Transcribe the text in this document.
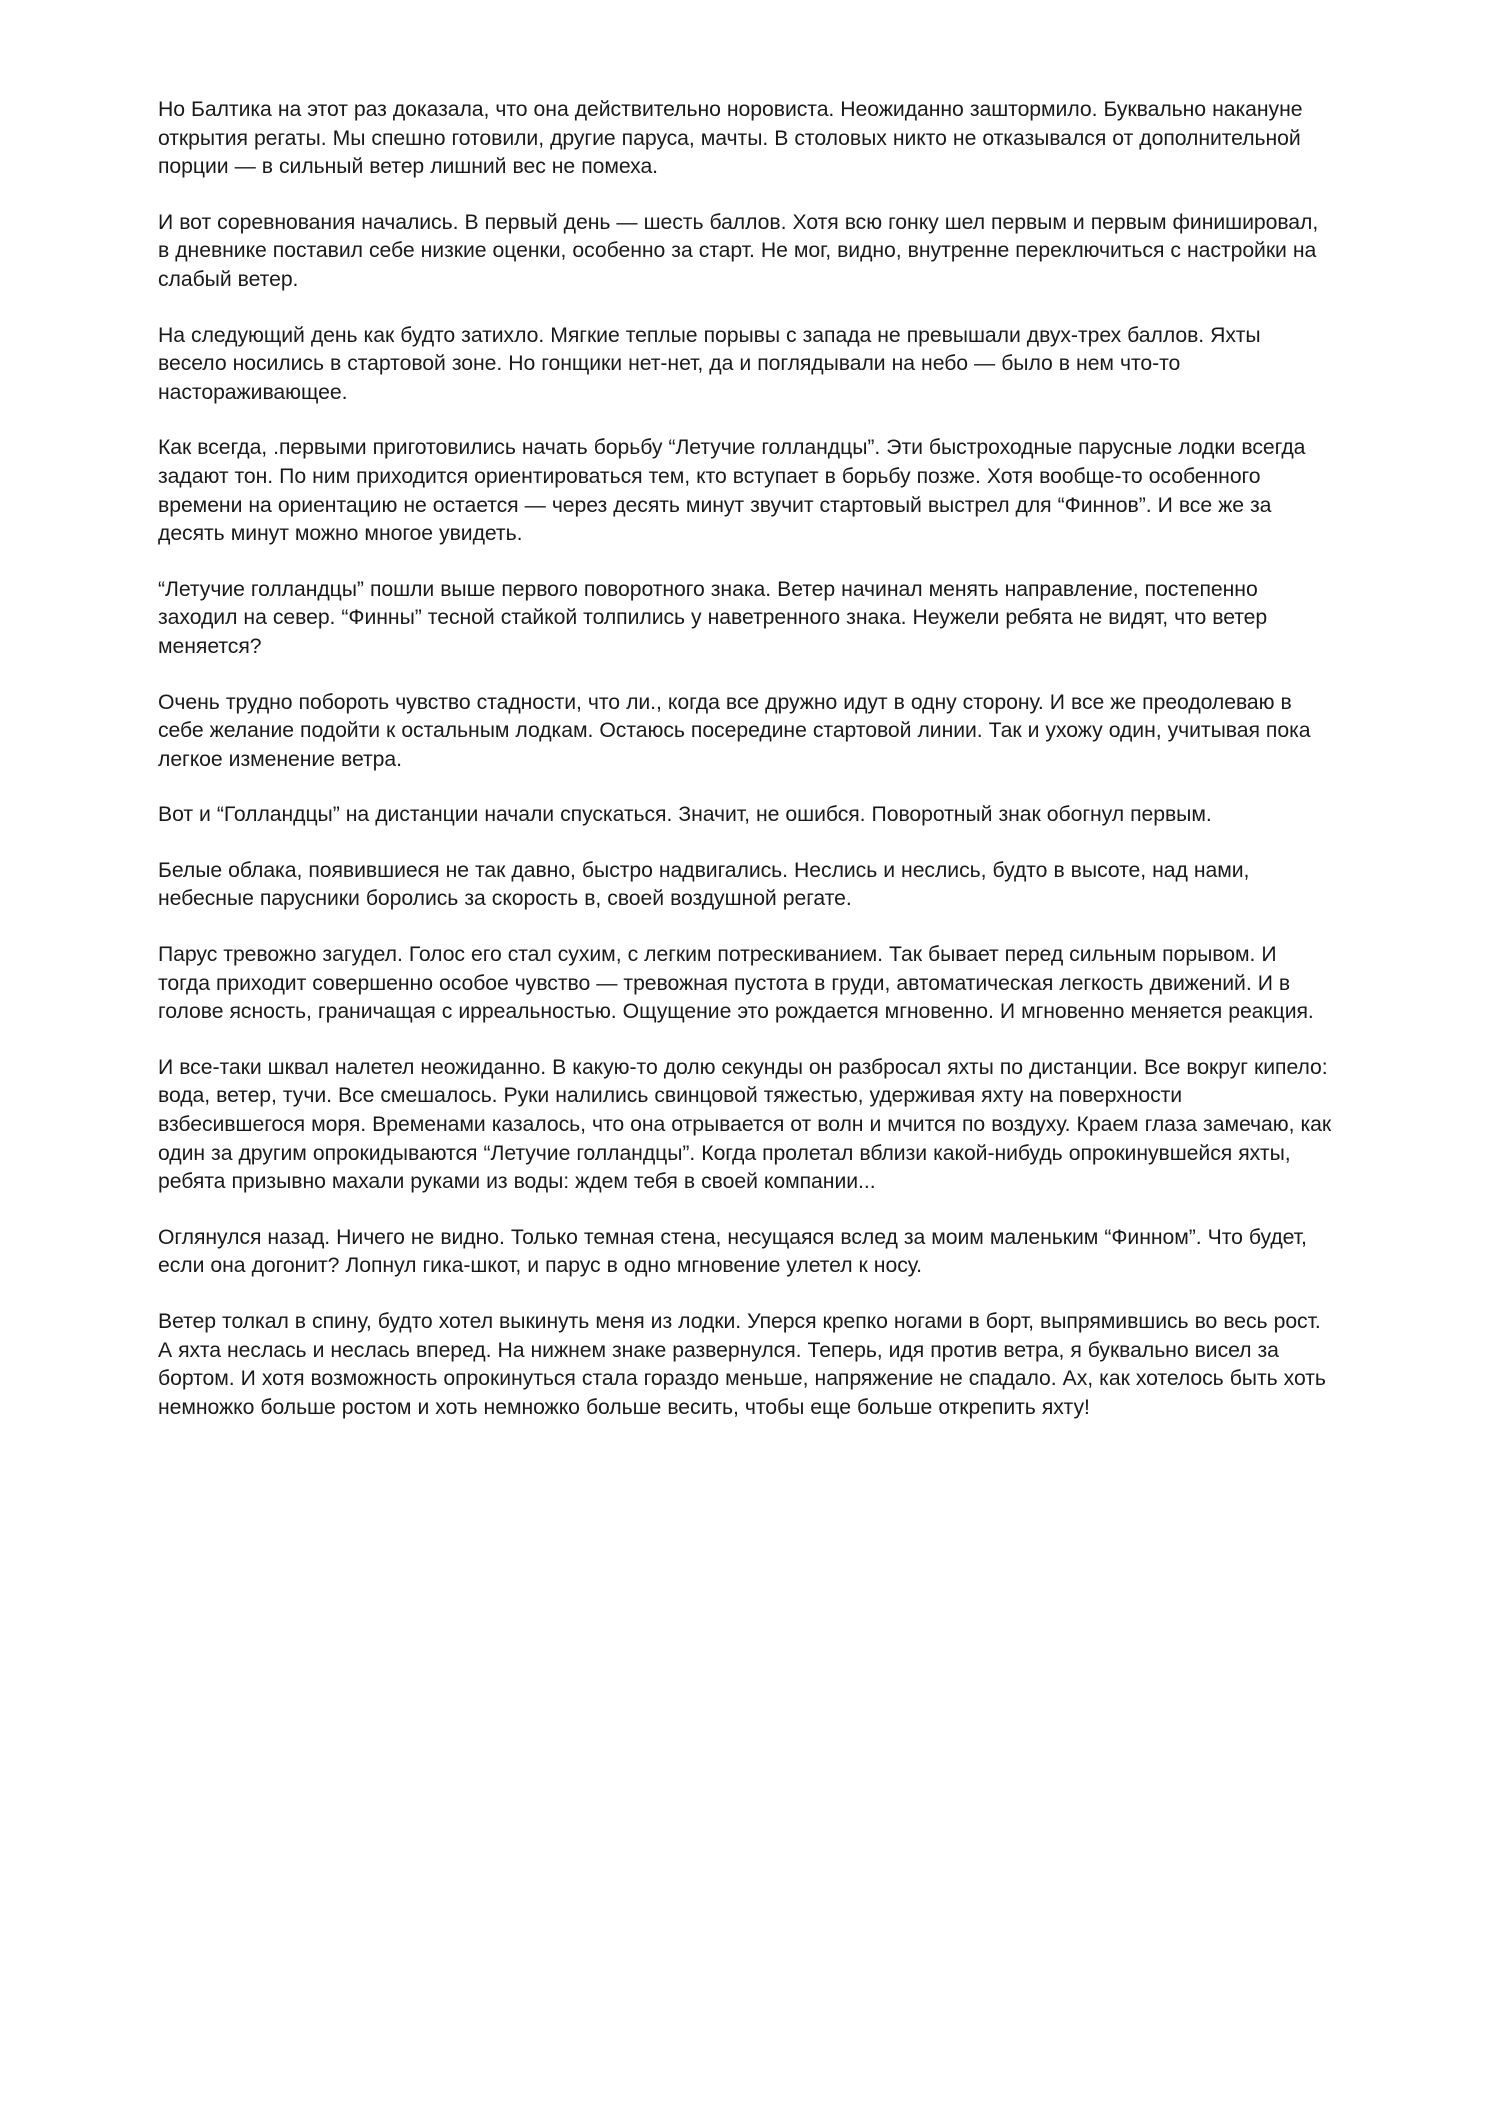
Но Балтика на этот раз доказала, что она действительно норовиста. Неожиданно заштормило. Буквально накануне открытия регаты. Мы спешно готовили, другие паруса, мачты. В столовых никто не отказывался от дополнительной порции — в сильный ветер лишний вес не помеха.

И вот соревнования начались. В первый день — шесть баллов. Хотя всю гонку шел первым и первым финишировал, в дневнике поставил себе низкие оценки, особенно за старт. Не мог, видно, внутренне переключиться с настройки на слабый ветер.

На следующий день как будто затихло. Мягкие теплые порывы с запада не превышали двух-трех баллов. Яхты весело носились в стартовой зоне. Но гонщики нет-нет, да и поглядывали на небо — было в нем что-то настораживающее.

Как всегда, .первыми приготовились начать борьбу “Летучие голландцы”. Эти быстроходные парусные лодки всегда задают тон. По ним приходится ориентироваться тем, кто вступает в борьбу позже. Хотя вообще-то особенного времени на ориентацию не остается — через десять минут звучит стартовый выстрел для “Финнов”. И все же за десять минут можно многое увидеть.

“Летучие голландцы” пошли выше первого поворотного знака. Ветер начинал менять направление, постепенно заходил на север. “Финны” тесной стайкой толпились у наветренного знака. Неужели ребята не видят, что ветер меняется?

Очень трудно побороть чувство стадности, что ли., когда все дружно идут в одну сторону. И все же преодолеваю в себе желание подойти к остальным лодкам. Остаюсь посередине стартовой линии. Так и ухожу один, учитывая пока легкое изменение ветра.

Вот и “Голландцы” на дистанции начали спускаться. Значит, не ошибся. Поворотный знак обогнул первым.

Белые облака, появившиеся не так давно, быстро надвигались. Неслись и неслись, будто в высоте, над нами, небесные парусники боролись за скорость в, своей воздушной регате.

Парус тревожно загудел. Голос его стал сухим, с легким потрескиванием. Так бывает перед сильным порывом. И тогда приходит совершенно особое чувство — тревожная пустота в груди, автоматическая легкость движений. И в голове ясность, граничащая с ирреальностью. Ощущение это рождается мгновенно. И мгновенно меняется реакция.

И все-таки шквал налетел неожиданно. В какую-то долю секунды он разбросал яхты по дистанции. Все вокруг кипело: вода, ветер, тучи. Все смешалось. Руки налились свинцовой тяжестью, удерживая яхту на поверхности взбесившегося моря. Временами казалось, что она отрывается от волн и мчится по воздуху. Краем глаза замечаю, как один за другим опрокидываются “Летучие голландцы”. Когда пролетал вблизи какой-нибудь опрокинувшейся яхты, ребята призывно махали руками из воды: ждем тебя в своей компании...

Оглянулся назад. Ничего не видно. Только темная стена, несущаяся вслед за моим маленьким “Финном”. Что будет, если она догонит? Лопнул гика-шкот, и парус в одно мгновение улетел к носу.

Ветер толкал в спину, будто хотел выкинуть меня из лодки. Уперся крепко ногами в борт, выпрямившись во весь рост. А яхта неслась и неслась вперед. На нижнем знаке развернулся. Теперь, идя против ветра, я буквально висел за бортом. И хотя возможность опрокинуться стала гораздо меньше, напряжение не спадало. Ах, как хотелось быть хоть немножко больше ростом и хоть немножко больше весить, чтобы еще больше открепить яхту!
